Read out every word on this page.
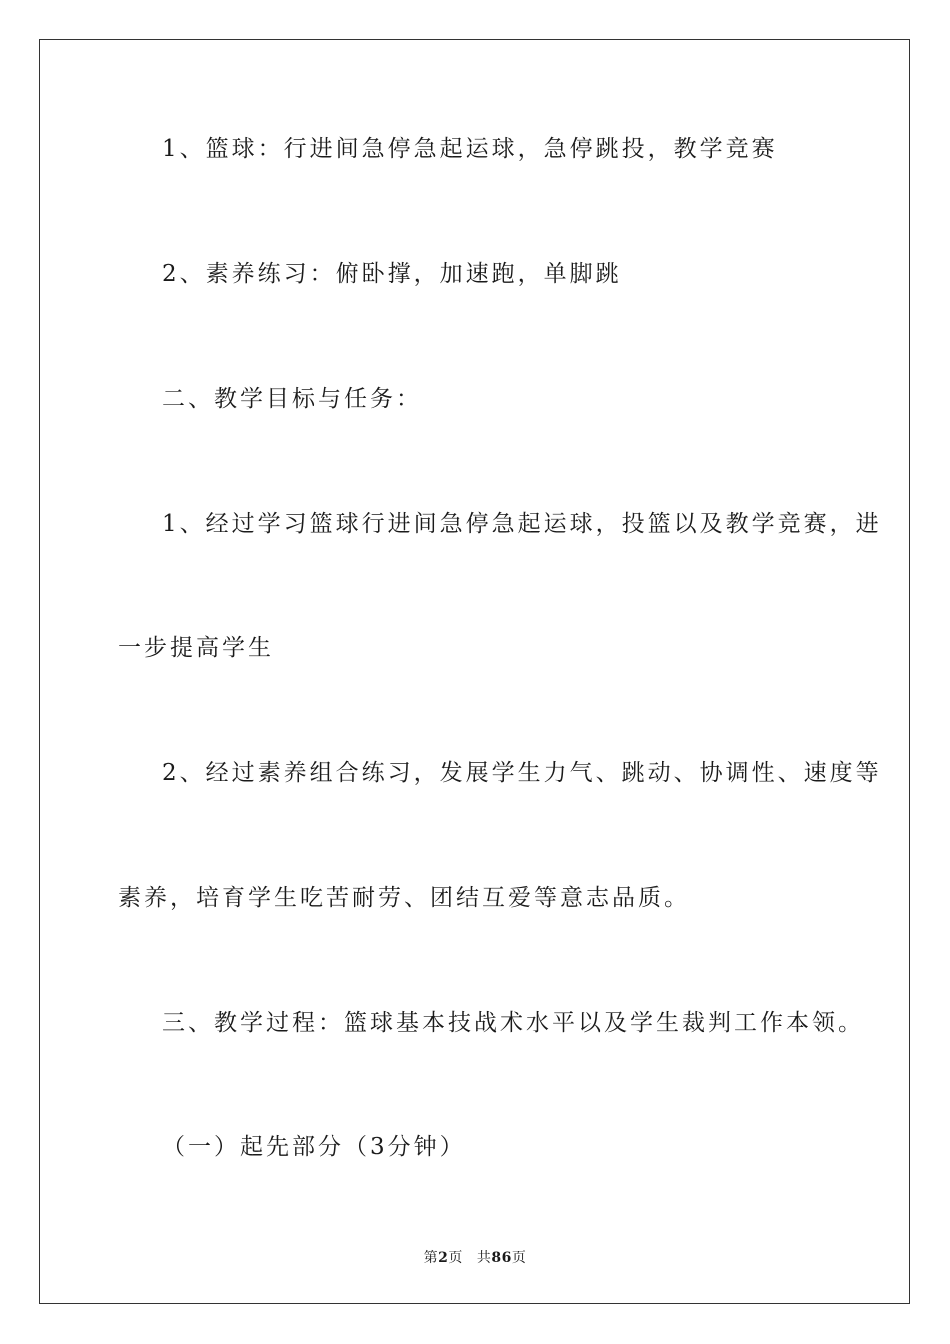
1、篮球：行进间急停急起运球，急停跳投，教学竞赛
2、素养练习：俯卧撑，加速跑，单脚跳
二、教学目标与任务：
1、经过学习篮球行进间急停急起运球，投篮以及教学竞赛，进
一步提高学生
2、经过素养组合练习，发展学生力气、跳动、协调性、速度等
素养，培育学生吃苦耐劳、团结互爱等意志品质。
三、教学过程：篮球基本技战术水平以及学生裁判工作本领。
（一）起先部分（3分钟）
第2页 共86页
